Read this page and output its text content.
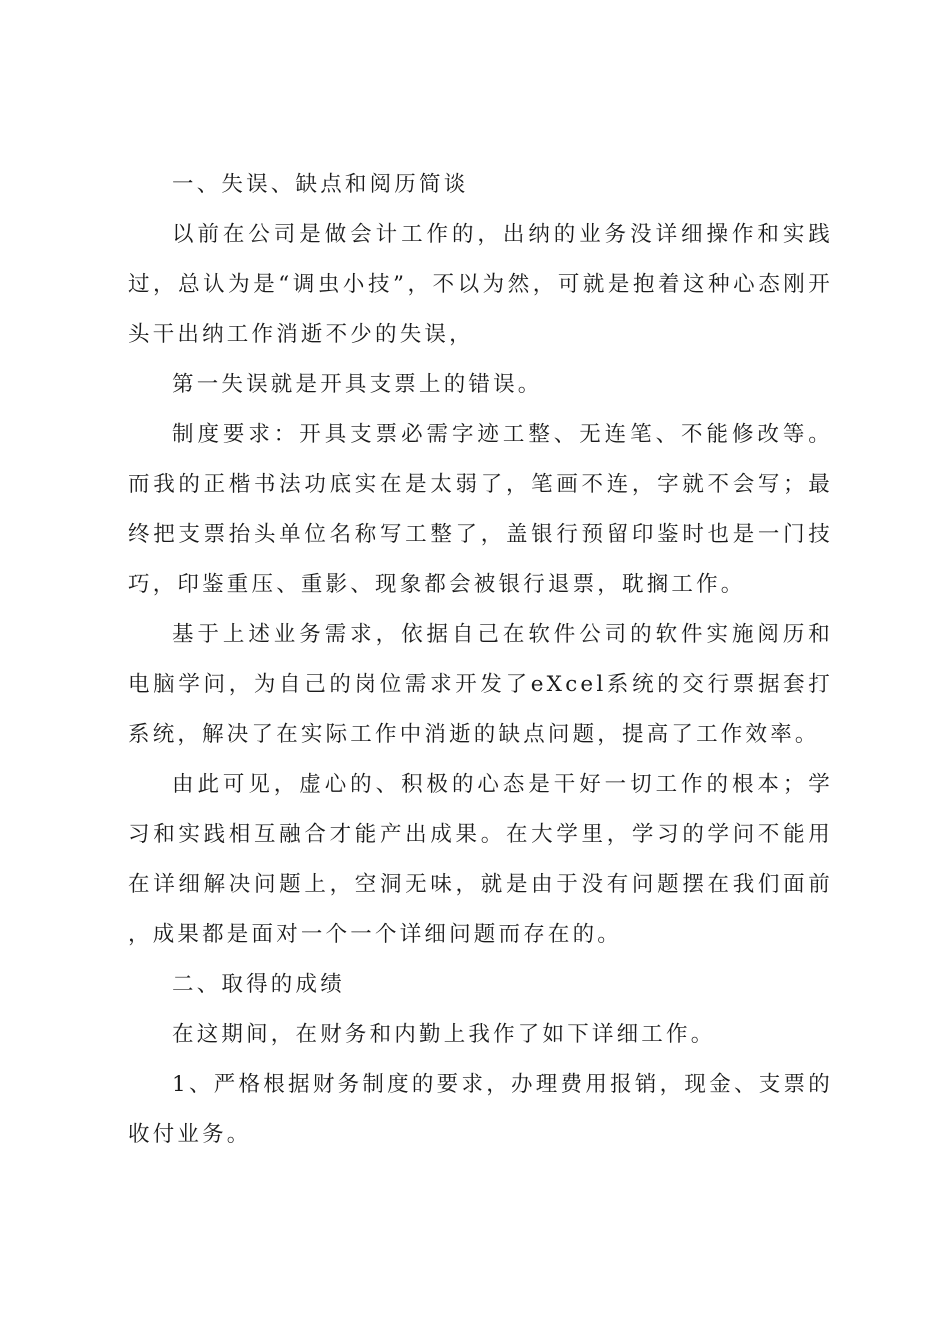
一、失误、缺点和阅历简谈

以前在公司是做会计工作的，出纳的业务没详细操作和实践过，总认为是“调虫小技”，不以为然，可就是抱着这种心态刚开头干出纳工作消逝不少的失误，

第一失误就是开具支票上的错误。

制度要求：开具支票必需字迹工整、无连笔、不能修改等。而我的正楷书法功底实在是太弱了，笔画不连，字就不会写；最终把支票抬头单位名称写工整了，盖银行预留印鉴时也是一门技巧，印鉴重压、重影、现象都会被银行退票，耽搁工作。

基于上述业务需求，依据自己在软件公司的软件实施阅历和电脑学问，为自己的岗位需求开发了eXcel系统的交行票据套打系统，解决了在实际工作中消逝的缺点问题，提高了工作效率。

由此可见，虚心的、积极的心态是干好一切工作的根本；学习和实践相互融合才能产出成果。在大学里，学习的学问不能用在详细解决问题上，空洞无味，就是由于没有问题摆在我们面前，成果都是面对一个一个详细问题而存在的。

二、取得的成绩

在这期间，在财务和内勤上我作了如下详细工作。

1、严格根据财务制度的要求，办理费用报销，现金、支票的收付业务。
